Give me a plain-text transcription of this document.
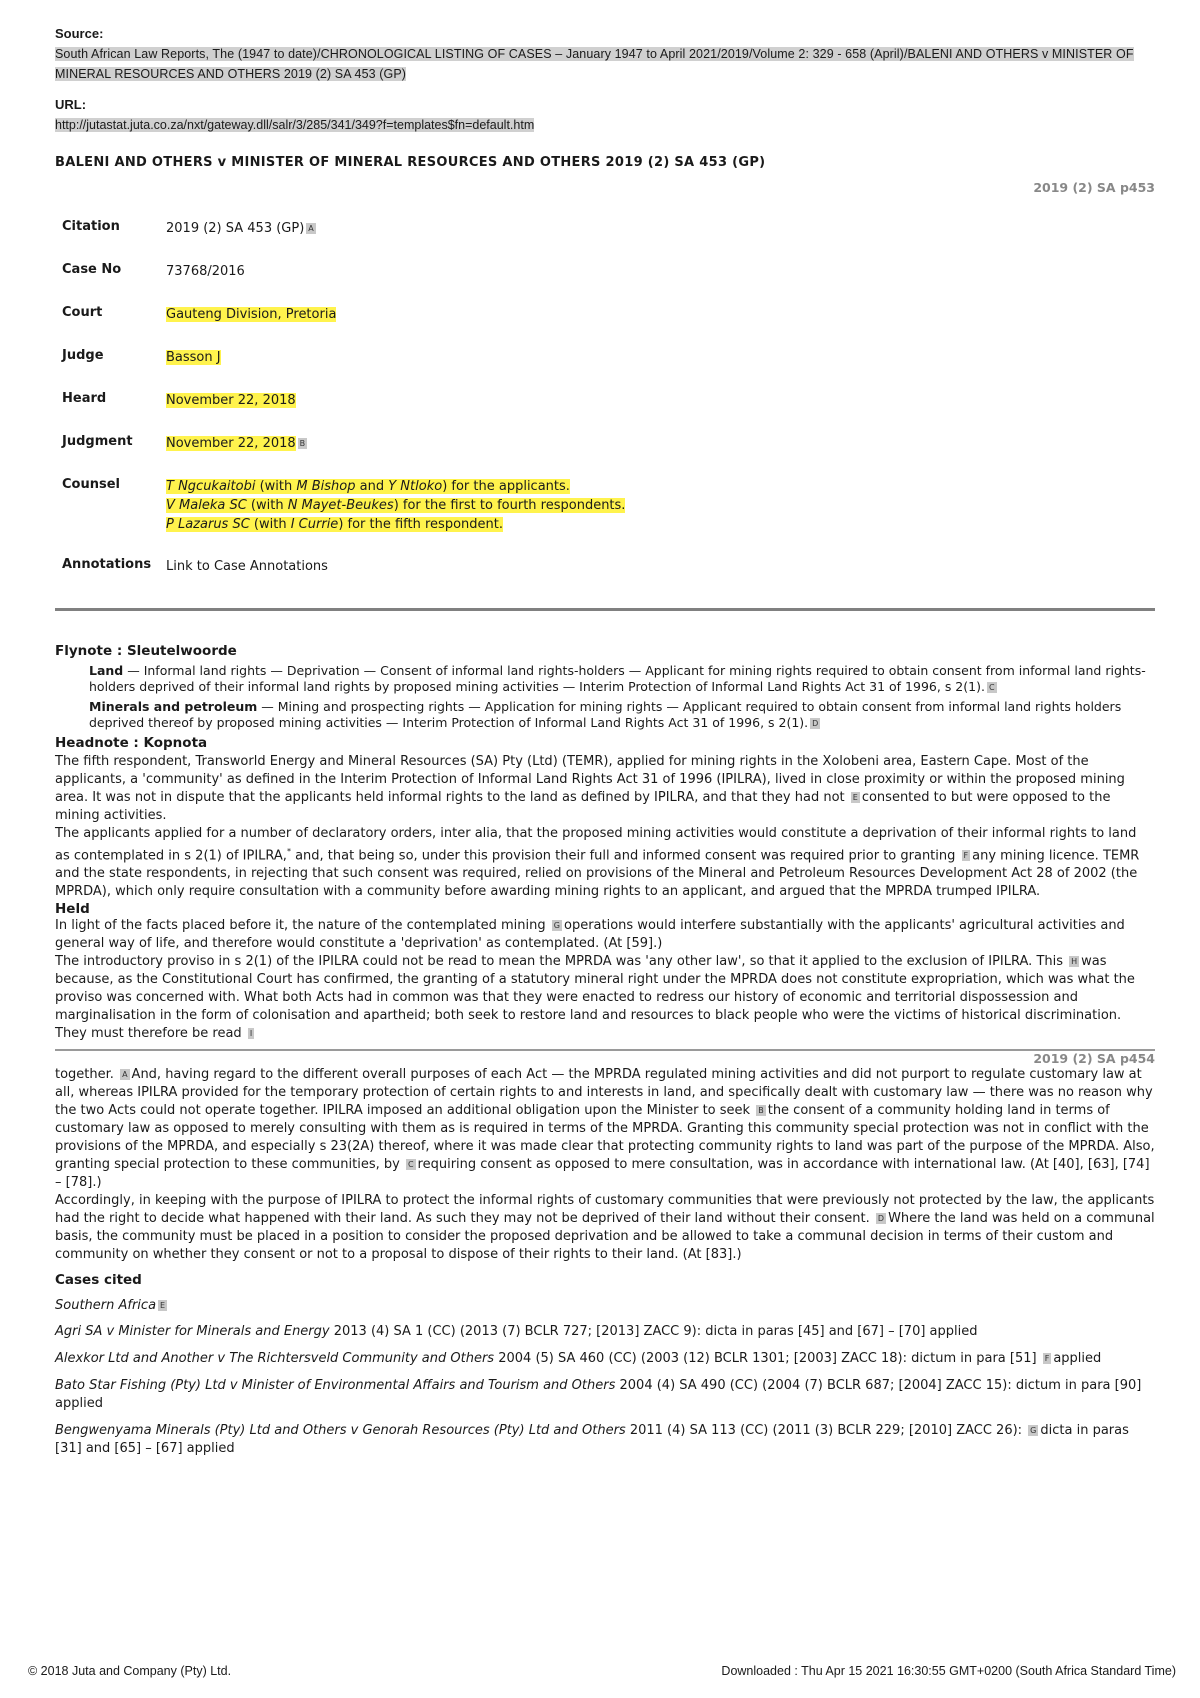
Source:
South African Law Reports, The (1947 to date)/CHRONOLOGICAL LISTING OF CASES – January 1947 to April 2021/2019/Volume 2: 329 - 658 (April)/BALENI AND OTHERS v MINISTER OF MINERAL RESOURCES AND OTHERS 2019 (2) SA 453 (GP)
URL:
http://jutastat.juta.co.za/nxt/gateway.dll/salr/3/285/341/349?f=templates$fn=default.htm
BALENI AND OTHERS v MINISTER OF MINERAL RESOURCES AND OTHERS 2019 (2) SA 453 (GP)
2019 (2) SA p453
Citation	2019 (2) SA 453 (GP) A
Case No	73768/2016
Court	Gauteng Division, Pretoria
Judge	Basson J
Heard	November 22, 2018
Judgment	November 22, 2018 B
Counsel	T Ngcukaitobi (with M Bishop and Y Ntloko) for the applicants.
V Maleka SC (with N Mayet-Beukes) for the first to fourth respondents.
P Lazarus SC (with I Currie) for the fifth respondent.
Annotations	Link to Case Annotations
Flynote : Sleutelwoorde
Land — Informal land rights — Deprivation — Consent of informal land rights-holders — Applicant for mining rights required to obtain consent from informal land rights-holders deprived of their informal land rights by proposed mining activities — Interim Protection of Informal Land Rights Act 31 of 1996, s 2(1). C
Minerals and petroleum — Mining and prospecting rights — Application for mining rights — Applicant required to obtain consent from informal land rights holders deprived thereof by proposed mining activities — Interim Protection of Informal Land Rights Act 31 of 1996, s 2(1). D
Headnote : Kopnota

The fifth respondent, Transworld Energy and Mineral Resources (SA) Pty (Ltd) (TEMR), applied for mining rights in the Xolobeni area, Eastern Cape. Most of the applicants, a 'community' as defined in the Interim Protection of Informal Land Rights Act 31 of 1996 (IPILRA), lived in close proximity or within the proposed mining area. It was not in dispute that the applicants held informal rights to the land as defined by IPILRA, and that they had not E consented to but were opposed to the mining activities.

The applicants applied for a number of declaratory orders, inter alia, that the proposed mining activities would constitute a deprivation of their informal rights to land as contemplated in s 2(1) of IPILRA,* and, that being so, under this provision their full and informed consent was required prior to granting F any mining licence. TEMR and the state respondents, in rejecting that such consent was required, relied on provisions of the Mineral and Petroleum Resources Development Act 28 of 2002 (the MPRDA), which only require consultation with a community before awarding mining rights to an applicant, and argued that the MPRDA trumped IPILRA.

Held

In light of the facts placed before it, the nature of the contemplated mining G operations would interfere substantially with the applicants' agricultural activities and general way of life, and therefore would constitute a 'deprivation' as contemplated. (At [59].)

The introductory proviso in s 2(1) of the IPILRA could not be read to mean the MPRDA was 'any other law', so that it applied to the exclusion of IPILRA. This H was because, as the Constitutional Court has confirmed, the granting of a statutory mineral right under the MPRDA does not constitute expropriation, which was what the proviso was concerned with. What both Acts had in common was that they were enacted to redress our history of economic and territorial dispossession and marginalisation in the form of colonisation and apartheid; both seek to restore land and resources to black people who were the victims of historical discrimination. They must therefore be read I

2019 (2) SA p454

together. A And, having regard to the different overall purposes of each Act — the MPRDA regulated mining activities and did not purport to regulate customary law at all, whereas IPILRA provided for the temporary protection of certain rights to and interests in land, and specifically dealt with customary law — there was no reason why the two Acts could not operate together. IPILRA imposed an additional obligation upon the Minister to seek B the consent of a community holding land in terms of customary law as opposed to merely consulting with them as is required in terms of the MPRDA. Granting this community special protection was not in conflict with the provisions of the MPRDA, and especially s 23(2A) thereof, where it was made clear that protecting community rights to land was part of the purpose of the MPRDA. Also, granting special protection to these communities, by C requiring consent as opposed to mere consultation, was in accordance with international law. (At [40], [63], [74] – [78].)

Accordingly, in keeping with the purpose of IPILRA to protect the informal rights of customary communities that were previously not protected by the law, the applicants had the right to decide what happened with their land. As such they may not be deprived of their land without their consent. D Where the land was held on a communal basis, the community must be placed in a position to consider the proposed deprivation and be allowed to take a communal decision in terms of their custom and community on whether they consent or not to a proposal to dispose of their rights to their land. (At [83].)

Cases cited
Southern Africa E

Agri SA v Minister for Minerals and Energy 2013 (4) SA 1 (CC) (2013 (7) BCLR 727; [2013] ZACC 9): dicta in paras [45] and [67] – [70] applied

Alexkor Ltd and Another v The Richtersveld Community and Others 2004 (5) SA 460 (CC) (2003 (12) BCLR 1301; [2003] ZACC 18): dictum in para [51] F applied

Bato Star Fishing (Pty) Ltd v Minister of Environmental Affairs and Tourism and Others 2004 (4) SA 490 (CC) (2004 (7) BCLR 687; [2004] ZACC 15): dictum in para [90] applied

Bengwenyama Minerals (Pty) Ltd and Others v Genorah Resources (Pty) Ltd and Others 2011 (4) SA 113 (CC) (2011 (3) BCLR 229; [2010] ZACC 26): G dicta in paras [31] and [65] – [67] applied

© 2018 Juta and Company (Pty) Ltd.	Downloaded : Thu Apr 15 2021 16:30:55 GMT+0200 (South Africa Standard Time)
